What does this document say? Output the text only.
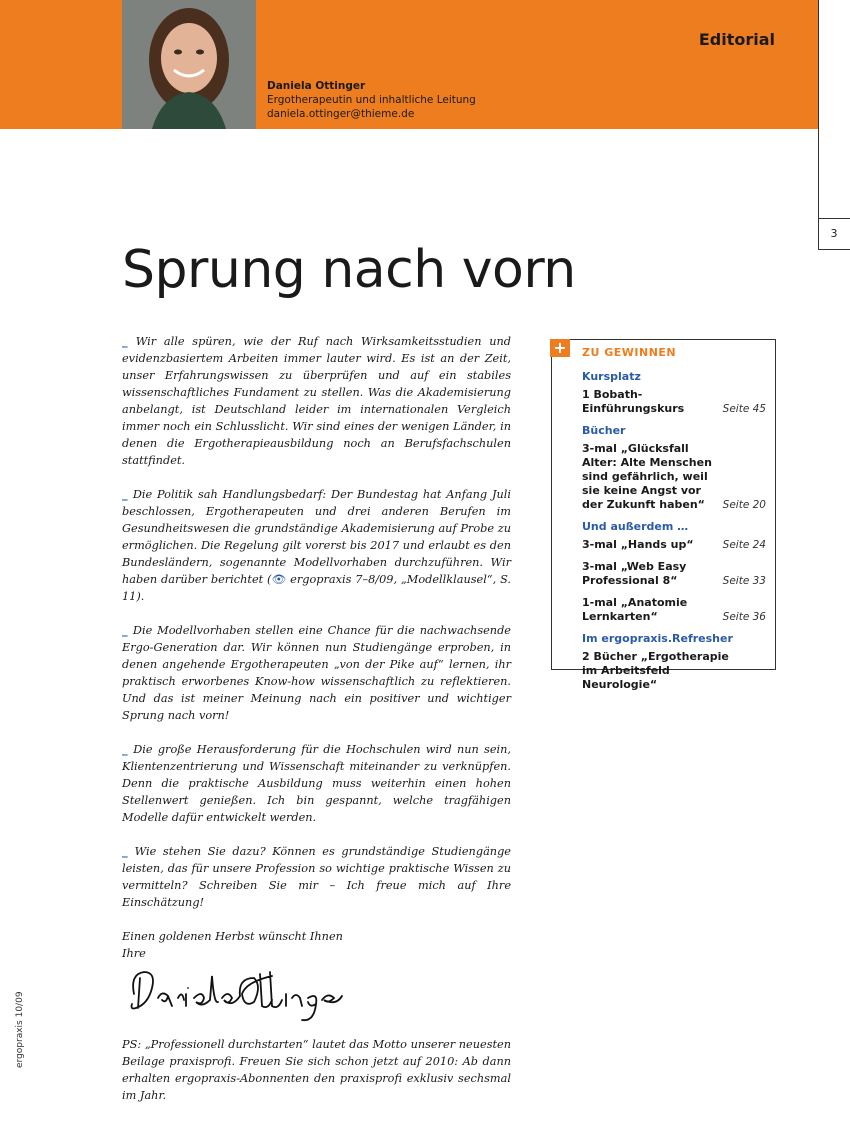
Daniela Ottinger
Ergotherapeutin und inhaltliche Leitung
daniela.ottinger@thieme.de
Editorial
3
Sprung nach vorn

_ Wir alle spüren, wie der Ruf nach Wirksamkeitsstudien und evidenzbasiertem Arbeiten immer lauter wird. Es ist an der Zeit, unser Erfahrungswissen zu überprüfen und auf ein stabiles wissenschaftliches Fundament zu stellen. Was die Akademisierung anbelangt, ist Deutschland leider im internationalen Vergleich immer noch ein Schlusslicht. Wir sind eines der wenigen Länder, in denen die Ergotherapieausbildung noch an Berufsfachschulen stattfindet.

_ Die Politik sah Handlungsbedarf: Der Bundestag hat Anfang Juli beschlossen, Ergotherapeuten und drei anderen Berufen im Gesundheitswesen die grundständige Akademisierung auf Probe zu ermöglichen. Die Regelung gilt vorerst bis 2017 und erlaubt es den Bundesländern, sogenannte Modellvorhaben durchzuführen. Wir haben darüber berichtet (👁 ergopraxis 7–8/09, „Modellklausel“, S. 11).

_ Die Modellvorhaben stellen eine Chance für die nachwachsende Ergo-Generation dar. Wir können nun Studiengänge erproben, in denen angehende Ergotherapeuten „von der Pike auf“ lernen, ihr praktisch erworbenes Know-how wissenschaftlich zu reflektieren. Und das ist meiner Meinung nach ein positiver und wichtiger Sprung nach vorn!

_ Die große Herausforderung für die Hochschulen wird nun sein, Klientenzentrierung und Wissenschaft miteinander zu verknüpfen. Denn die praktische Ausbildung muss weiterhin einen hohen Stellenwert genießen. Ich bin gespannt, welche tragfähigen Modelle dafür entwickelt werden.

_ Wie stehen Sie dazu? Können es grundständige Studiengänge leisten, das für unsere Profession so wichtige praktische Wissen zu vermitteln? Schreiben Sie mir – Ich freue mich auf Ihre Einschätzung!

Einen goldenen Herbst wünscht Ihnen
Ihre
PS: „Professionell durchstarten“ lautet das Motto unserer neuesten Beilage praxisprofi. Freuen Sie sich schon jetzt auf 2010: Ab dann erhalten ergopraxis-Abonnenten den praxisprofi exklusiv sechsmal im Jahr.
+ ZU GEWINNEN
Kursplatz
1 Bobath-Einführungskurs	Seite 45
Bücher
3-mal „Glücksfall Alter: Alte Menschen sind gefährlich, weil sie keine Angst vor der Zukunft haben“	Seite 20
Und außerdem …
3-mal „Hands up“	Seite 24
3-mal „Web Easy Professional 8“	Seite 33
1-mal „Anatomie Lernkarten“	Seite 36
Im ergopraxis.Refresher
2 Bücher „Ergotherapie im Arbeitsfeld Neurologie“
ergopraxis 10/09
